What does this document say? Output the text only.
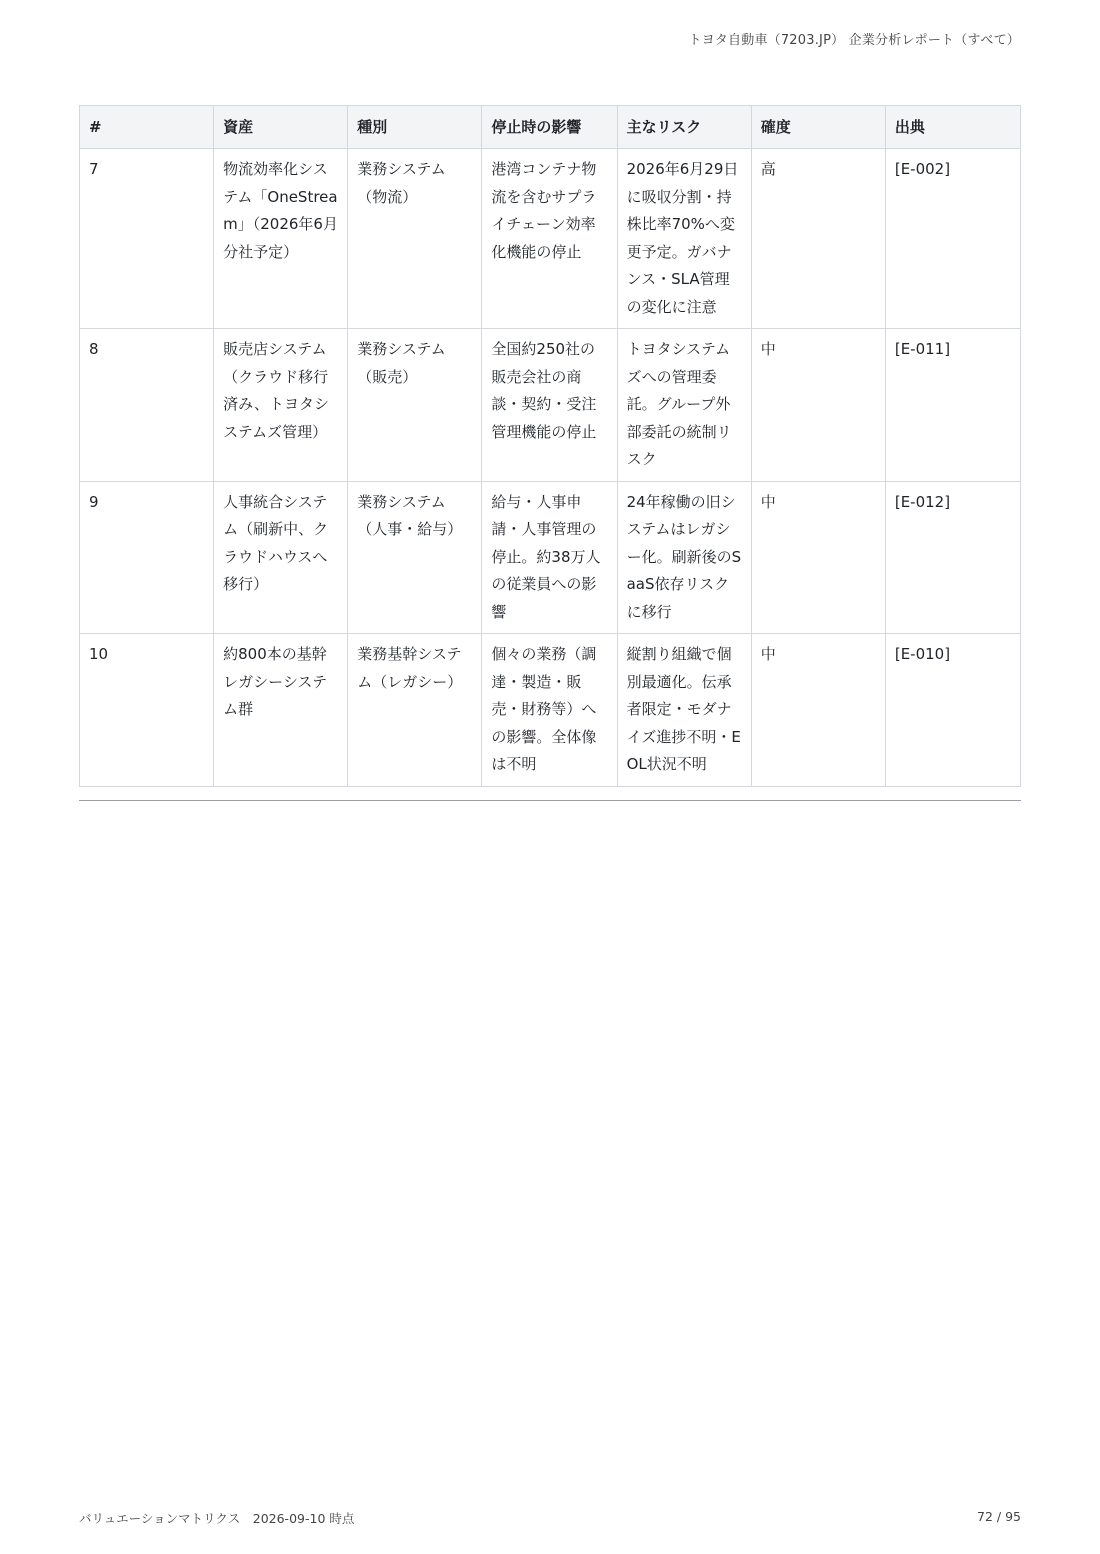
トヨタ自動車（7203.JP） 企業分析レポート（すべて）
#	資産	種別	停止時の影響	主なリスク	確度	出典
7	物流効率化システム「OneStream」（2026年6月分社予定）	業務システム（物流）	港湾コンテナ物流を含むサプライチェーン効率化機能の停止	2026年6月29日に吸収分割・持株比率70%へ変更予定。ガバナンス・SLA管理の変化に注意	高	[E-002]
8	販売店システム（クラウド移行済み、トヨタシステムズ管理）	業務システム（販売）	全国約250社の販売会社の商談・契約・受注管理機能の停止	トヨタシステムズへの管理委託。グループ外部委託の統制リスク	中	[E-011]
9	人事統合システム（刷新中、クラウドハウスへ移行）	業務システム（人事・給与）	給与・人事申請・人事管理の停止。約38万人の従業員への影響	24年稼働の旧システムはレガシー化。刷新後のSaaS依存リスクに移行	中	[E-012]
10	約800本の基幹レガシーシステム群	業務基幹システム（レガシー）	個々の業務（調達・製造・販売・財務等）への影響。全体像は不明	縦割り組織で個別最適化。伝承者限定・モダナイズ進捗不明・EOL状況不明	中	[E-010]
バリュエーションマトリクス　2026-09-10 時点	72 / 95
